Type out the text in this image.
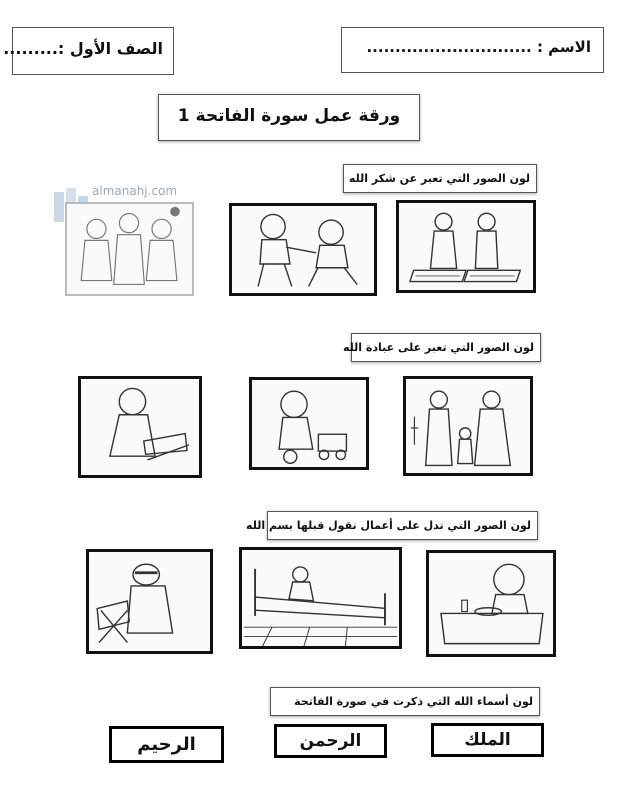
الصف الأول :.........	الاسم : .............................
ورقة عمل سورة الفاتحة 1
almanahj.com
لون الصور التي تعبر عن شكر الله
لون الصور التي تعبر على عبادة الله
لون الصور التي تدل على أعمال نقول قبلها بسم الله
لون أسماء الله التي ذكرت في صورة الفاتحة
الملك
الرحمن
الرحيم
